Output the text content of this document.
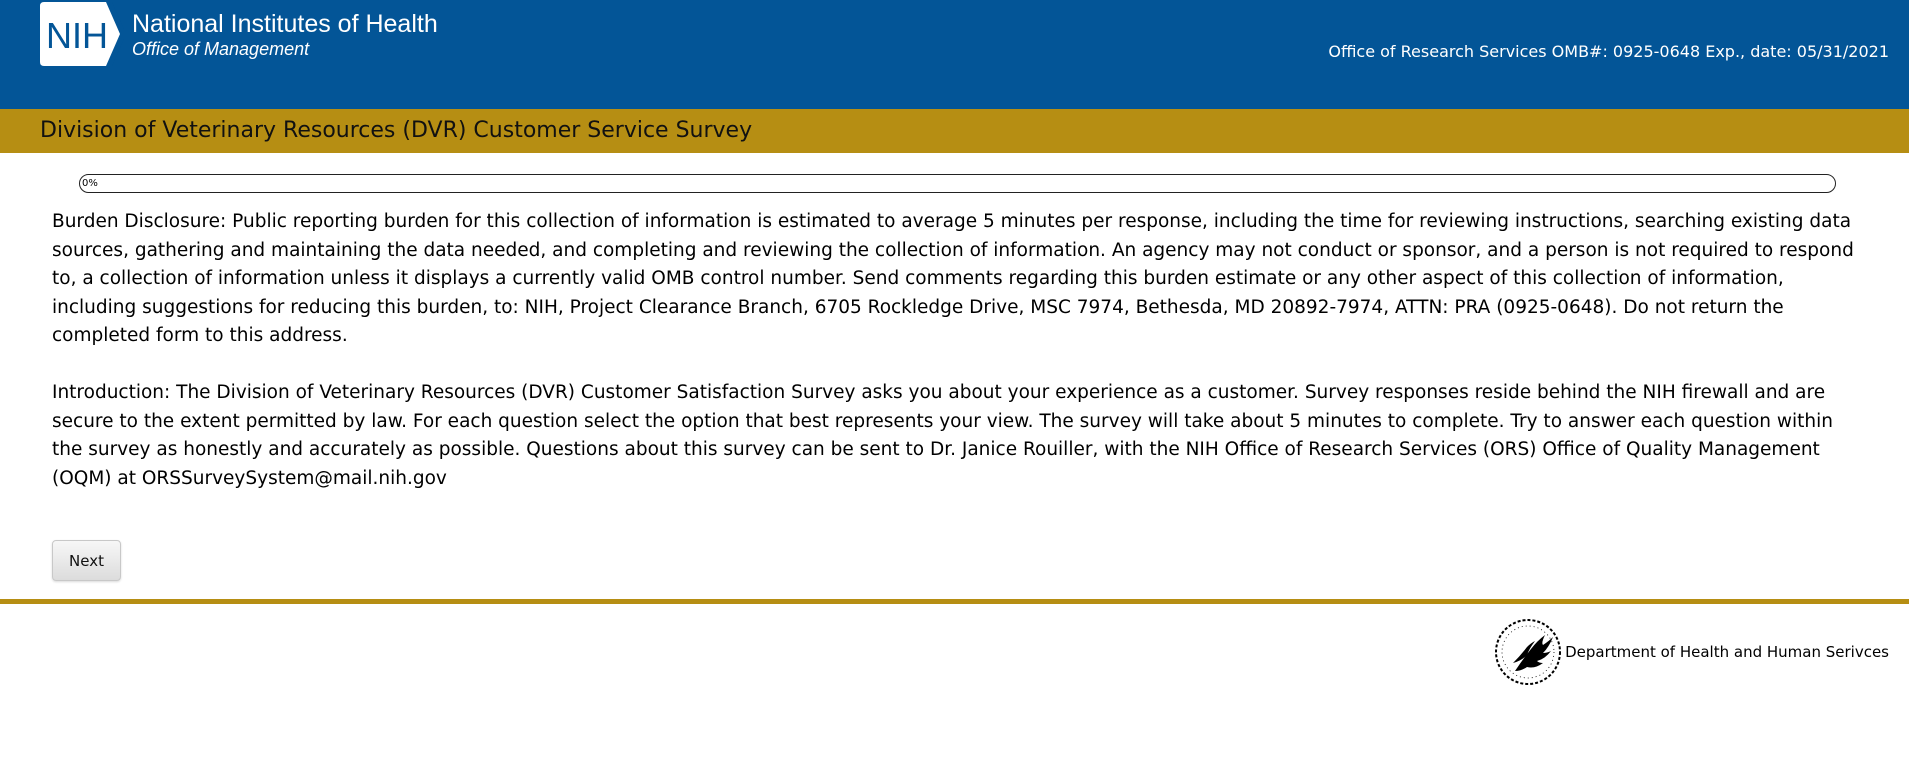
NIH National Institutes of Health
Office of Management	Office of Research Services OMB#: 0925-0648 Exp., date: 05/31/2021
Division of Veterinary Resources (DVR) Customer Service Survey
0%

Burden Disclosure: Public reporting burden for this collection of information is estimated to average 5 minutes per response, including the time for reviewing instructions, searching existing data sources, gathering and maintaining the data needed, and completing and reviewing the collection of information. An agency may not conduct or sponsor, and a person is not required to respond to, a collection of information unless it displays a currently valid OMB control number. Send comments regarding this burden estimate or any other aspect of this collection of information, including suggestions for reducing this burden, to: NIH, Project Clearance Branch, 6705 Rockledge Drive, MSC 7974, Bethesda, MD 20892-7974, ATTN: PRA (0925-0648). Do not return the completed form to this address.

Introduction: The Division of Veterinary Resources (DVR) Customer Satisfaction Survey asks you about your experience as a customer. Survey responses reside behind the NIH firewall and are secure to the extent permitted by law. For each question select the option that best represents your view. The survey will take about 5 minutes to complete. Try to answer each question within the survey as honestly and accurately as possible. Questions about this survey can be sent to Dr. Janice Rouiller, with the NIH Office of Research Services (ORS) Office of Quality Management (OQM) at ORSSurveySystem@mail.nih.gov

Next
Department of Health and Human Serivces
